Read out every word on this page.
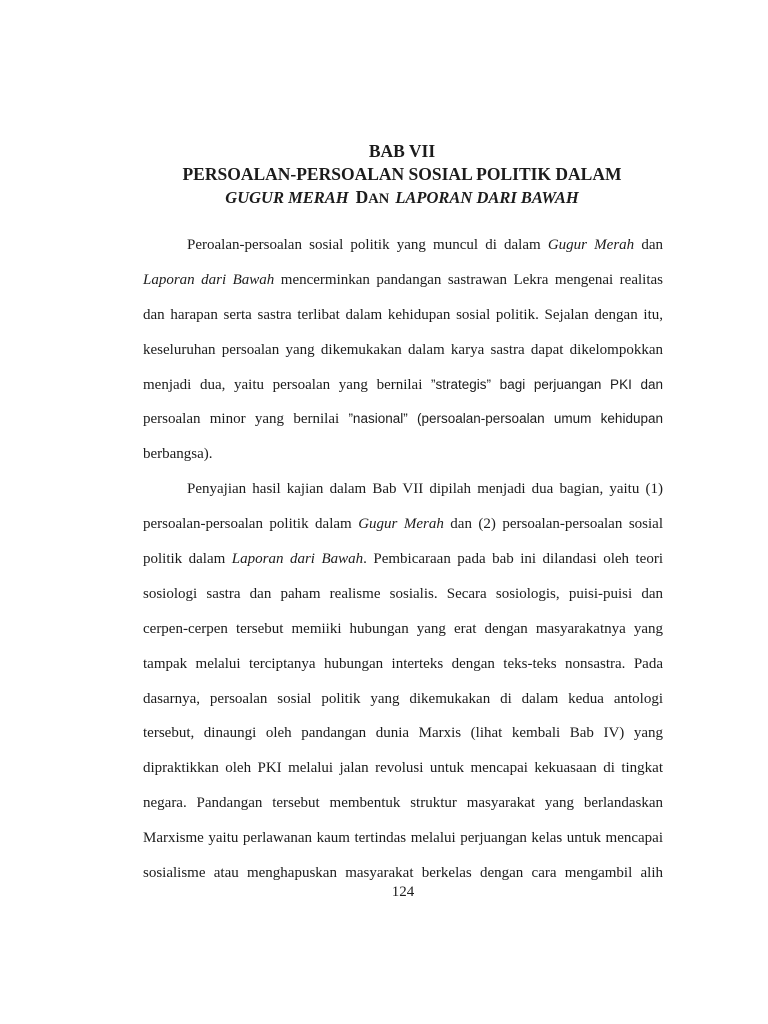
BAB VII
PERSOALAN-PERSOALAN SOSIAL POLITIK DALAM
GUGUR MERAH DAN LAPORAN DARI BAWAH
Peroalan-persoalan sosial politik yang muncul di dalam Gugur Merah dan
Laporan dari Bawah mencerminkan pandangan sastrawan Lekra mengenai realitas
dan harapan serta sastra terlibat dalam kehidupan sosial politik. Sejalan dengan itu,
keseluruhan persoalan yang dikemukakan dalam karya sastra dapat dikelompokkan
menjadi dua, yaitu persoalan yang bernilai ”strategis” bagi perjuangan PKI dan
persoalan minor yang bernilai ”nasional” (persoalan-persoalan umum kehidupan
berbangsa).
Penyajian hasil kajian dalam Bab VII dipilah menjadi dua bagian, yaitu (1)
persoalan-persoalan politik dalam Gugur Merah dan (2) persoalan-persoalan sosial
politik dalam Laporan dari Bawah. Pembicaraan pada bab ini dilandasi oleh teori
sosiologi sastra dan paham realisme sosialis. Secara sosiologis, puisi-puisi dan
cerpen-cerpen tersebut memiiki hubungan yang erat dengan masyarakatnya yang
tampak melalui terciptanya hubungan interteks dengan teks-teks nonsastra. Pada
dasarnya, persoalan sosial politik yang dikemukakan di dalam kedua antologi
tersebut, dinaungi oleh pandangan dunia Marxis (lihat kembali Bab IV) yang
dipraktikkan oleh PKI melalui jalan revolusi untuk mencapai kekuasaan di tingkat
negara. Pandangan tersebut membentuk struktur masyarakat yang berlandaskan
Marxisme yaitu perlawanan kaum tertindas melalui perjuangan kelas untuk mencapai
sosialisme atau menghapuskan masyarakat berkelas dengan cara mengambil alih
124
